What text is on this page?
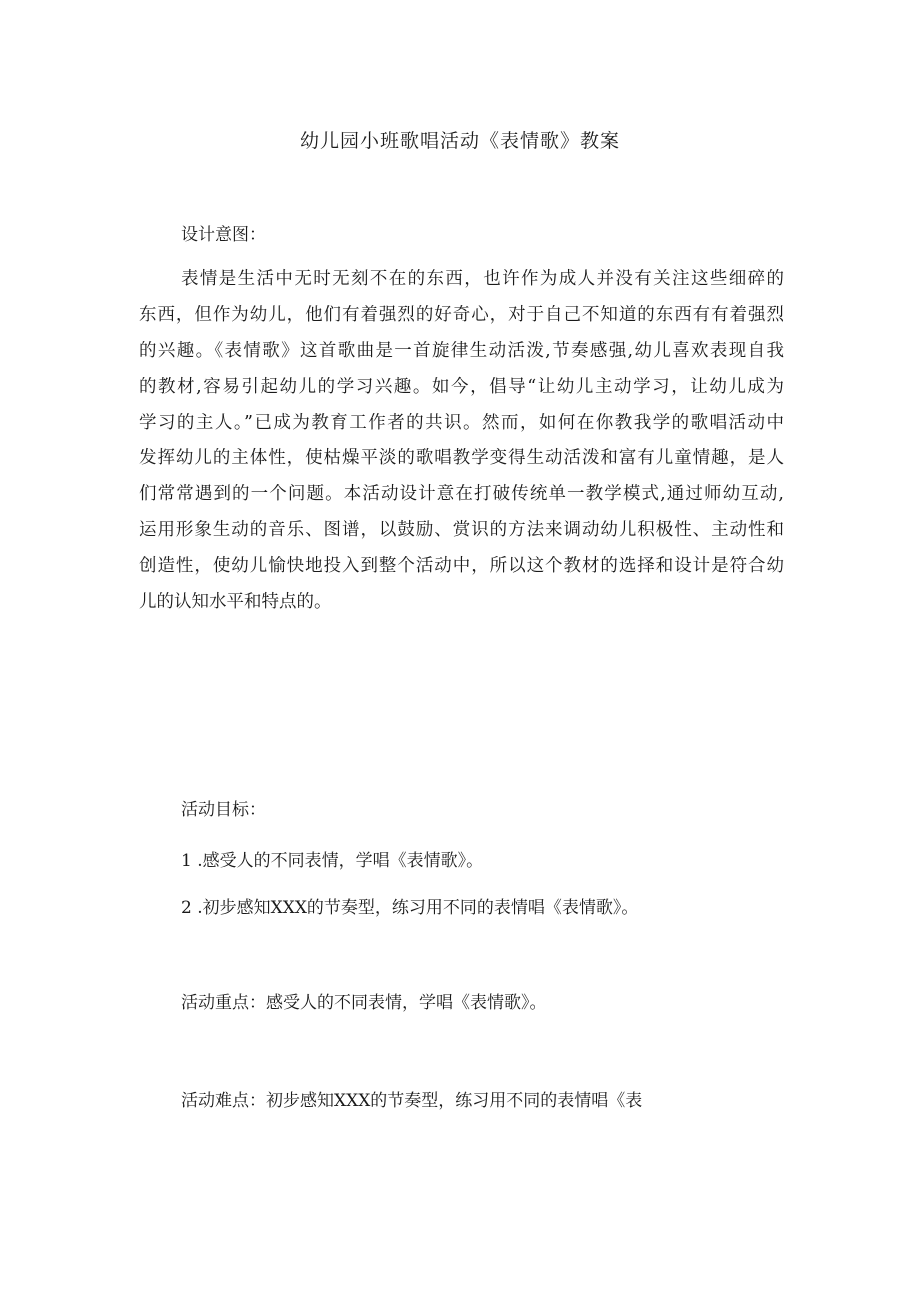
幼儿园小班歌唱活动《表情歌》教案
设计意图：
表情是生活中无时无刻不在的东西，也许作为成人并没有关注这些细碎的
东西，但作为幼儿，他们有着强烈的好奇心，对于自己不知道的东西有有着强烈
的兴趣。《表情歌》这首歌曲是一首旋律生动活泼,节奏感强,幼儿喜欢表现自我
的教材,容易引起幼儿的学习兴趣。如今，倡导“让幼儿主动学习，让幼儿成为
学习的主人。”已成为教育工作者的共识。然而，如何在你教我学的歌唱活动中
发挥幼儿的主体性，使枯燥平淡的歌唱教学变得生动活泼和富有儿童情趣，是人
们常常遇到的一个问题。本活动设计意在打破传统单一教学模式,通过师幼互动,
运用形象生动的音乐、图谱，以鼓励、赏识的方法来调动幼儿积极性、主动性和
创造性，使幼儿愉快地投入到整个活动中，所以这个教材的选择和设计是符合幼
儿的认知水平和特点的。
活动目标：
1 .感受人的不同表情，学唱《表情歌》。
2 .初步感知XXX的节奏型，练习用不同的表情唱《表情歌》。
活动重点：感受人的不同表情，学唱《表情歌》。
活动难点：初步感知XXX的节奏型，练习用不同的表情唱《表
